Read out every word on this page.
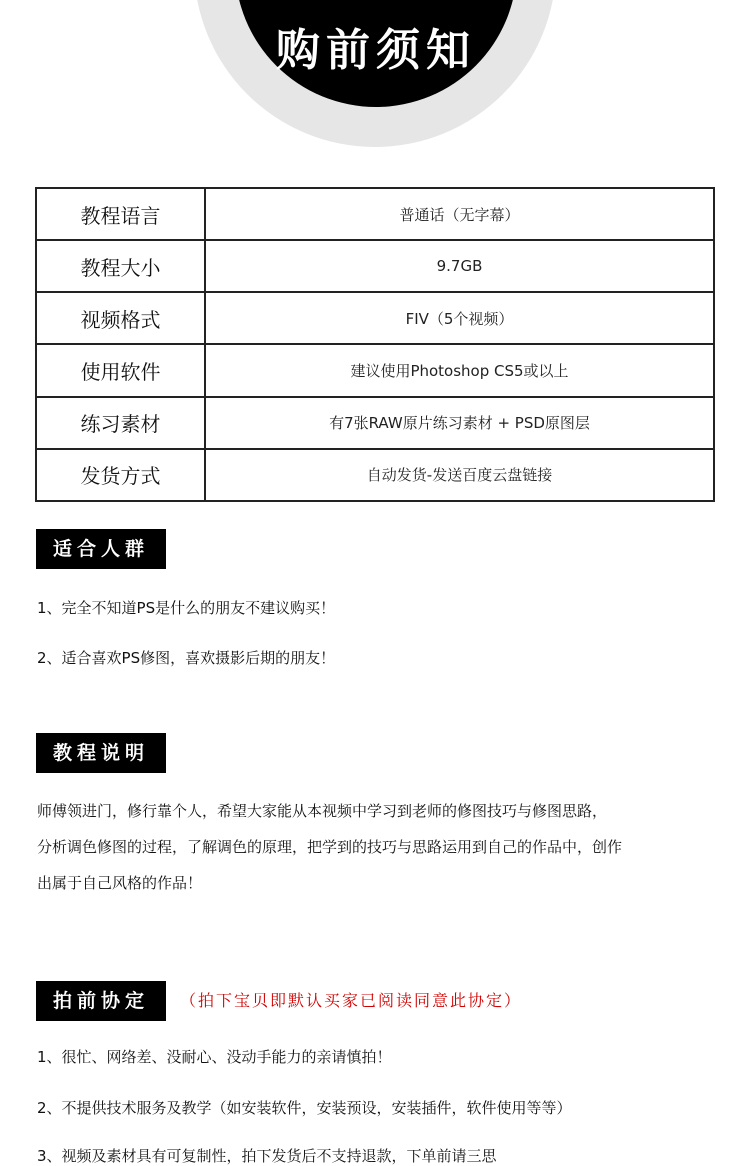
购前须知
教程语言	普通话（无字幕）
教程大小	9.7GB
视频格式	FIV（5个视频）
使用软件	建议使用Photoshop CS5或以上
练习素材	有7张RAW原片练习素材 + PSD原图层
发货方式	自动发货-发送百度云盘链接
适合人群
1、完全不知道PS是什么的朋友不建议购买！
2、适合喜欢PS修图，喜欢摄影后期的朋友！
教程说明
师傅领进门，修行靠个人，希望大家能从本视频中学习到老师的修图技巧与修图思路，
分析调色修图的过程，了解调色的原理，把学到的技巧与思路运用到自己的作品中，创作
出属于自己风格的作品！
拍前协定	（拍下宝贝即默认买家已阅读同意此协定）
1、很忙、网络差、没耐心、没动手能力的亲请慎拍！
2、不提供技术服务及教学（如安装软件，安装预设，安装插件，软件使用等等）
3、视频及素材具有可复制性，拍下发货后不支持退款，下单前请三思
